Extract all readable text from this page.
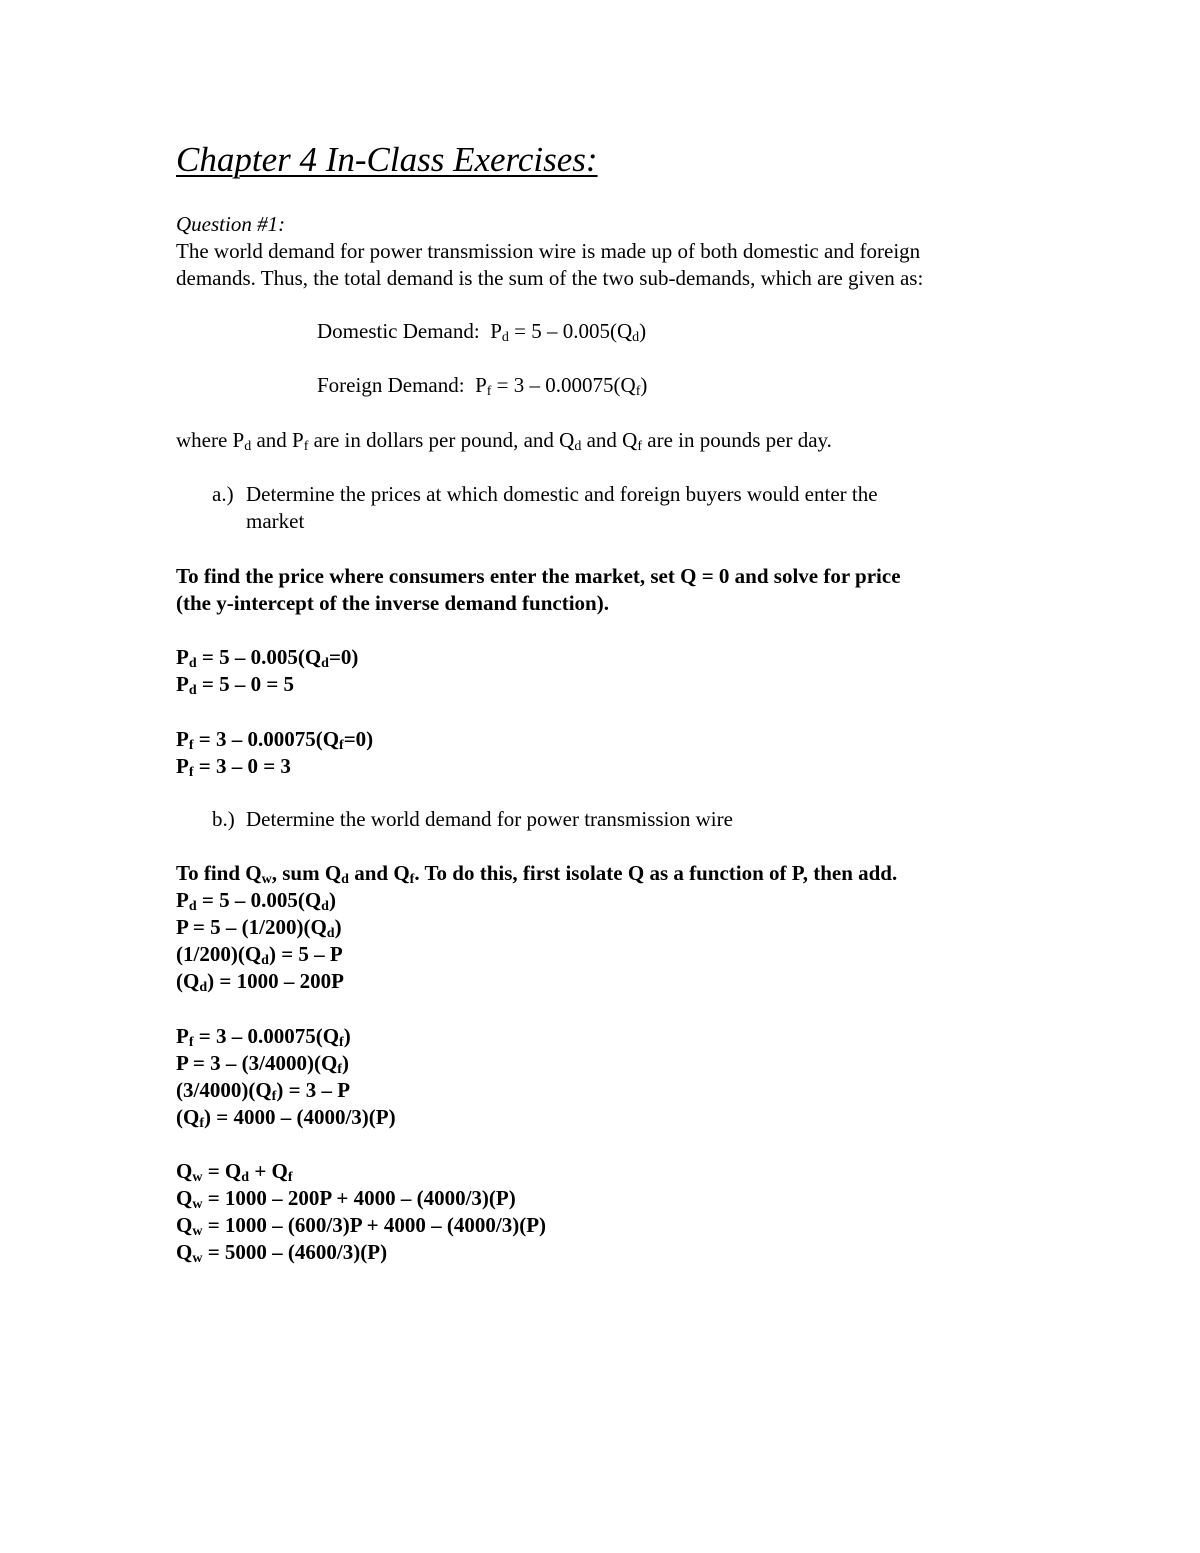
Chapter 4 In-Class Exercises:
Question #1:
The world demand for power transmission wire is made up of both domestic and foreign
demands. Thus, the total demand is the sum of the two sub-demands, which are given as:
Domestic Demand: $P_d = 5 - 0.005(Q_d)$
Foreign Demand: $P_f = 3 - 0.00075(Q_f)$
where $P_d$ and $P_f$ are in dollars per pound, and $Q_d$ and $Q_f$ are in pounds per day.
a.) Determine the prices at which domestic and foreign buyers would enter the
market
To find the price where consumers enter the market, set Q = 0 and solve for price
(the y-intercept of the inverse demand function).
$P_d = 5 - 0.005(Q_d=0)$
$P_d = 5 - 0 = 5$
$P_f = 3 - 0.00075(Q_f=0)$
$P_f = 3 - 0 = 3$
b.) Determine the world demand for power transmission wire
To find $Q_w$, sum $Q_d$ and $Q_f$. To do this, first isolate Q as a function of P, then add.
$P_d = 5 - 0.005(Q_d)$
$P = 5 - (1/200)(Q_d)$
$(1/200)(Q_d) = 5 - P$
$(Q_d) = 1000 - 200P$
$P_f = 3 - 0.00075(Q_f)$
$P = 3 - (3/4000)(Q_f)$
$(3/4000)(Q_f) = 3 - P$
$(Q_f) = 4000 - (4000/3)(P)$
$Q_w = Q_d + Q_f$
$Q_w = 1000 - 200P + 4000 - (4000/3)(P)$
$Q_w = 1000 - (600/3)P + 4000 - (4000/3)(P)$
$Q_w = 5000 - (4600/3)(P)$
